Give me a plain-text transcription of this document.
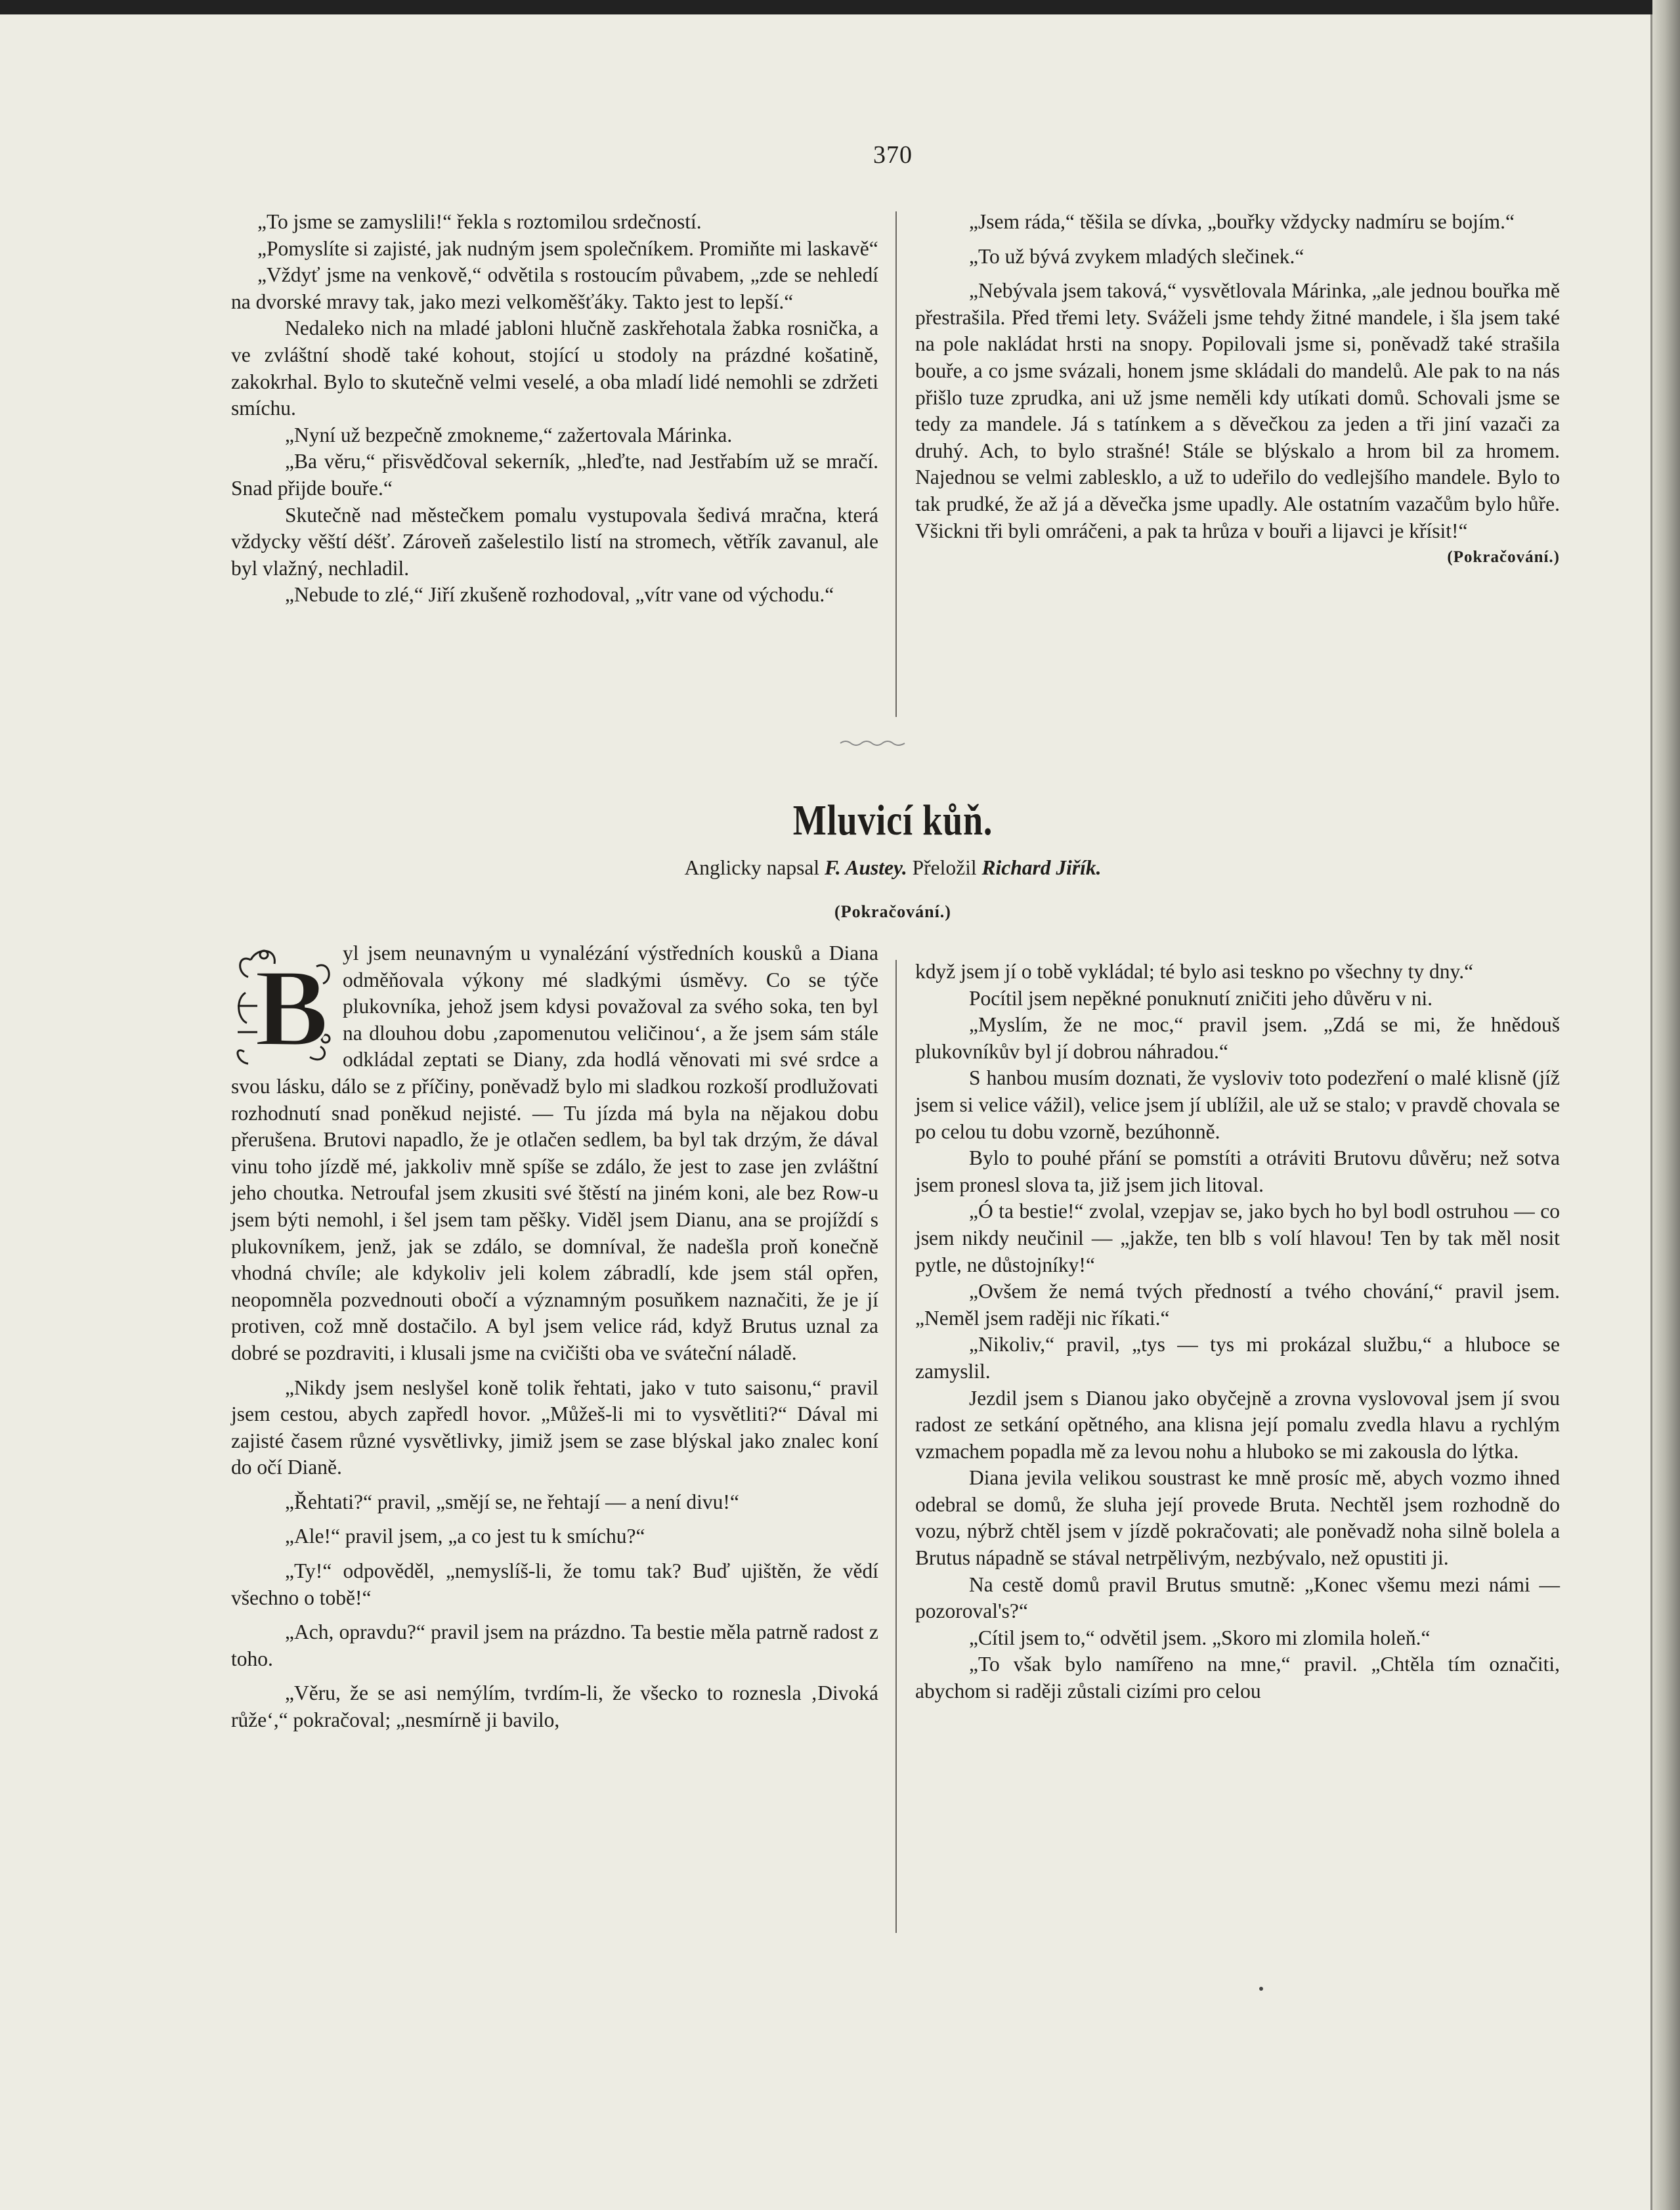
370

„To jsme se zamyslili!“ řekla s roztomilou srdečností.

„Pomyslíte si zajisté, jak nudným jsem společníkem. Promiňte mi laskavě“

„Vždyť jsme na venkově,“ odvětila s rostoucím půvabem, „zde se nehledí na dvorské mravy tak, jako mezi velkoměšťáky. Takto jest to lepší.“

Nedaleko nich na mladé jabloni hlučně zaskřehotala žabka rosnička, a ve zvláštní shodě také kohout, stojící u stodoly na prázdné košatině, zakokrhal. Bylo to skutečně velmi veselé, a oba mladí lidé nemohli se zdržeti smíchu.

„Nyní už bezpečně zmokneme,“ zažertovala Márinka.

„Ba věru,“ přisvědčoval sekerník, „hleďte, nad Jestřabím už se mračí. Snad přijde bouře.“

Skutečně nad městečkem pomalu vystupovala šedivá mračna, která vždycky věští déšť. Zároveň zašelestilo listí na stromech, větřík zavanul, ale byl vlažný, nechladil.

„Nebude to zlé,“ Jiří zkušeně rozhodoval, „vítr vane od východu.“

„Jsem ráda,“ těšila se dívka, „bouřky vždycky nadmíru se bojím.“

„To už bývá zvykem mladých slečinek.“

„Nebývala jsem taková,“ vysvětlovala Márinka, „ale jednou bouřka mě přestrašila. Před třemi lety. Sváželi jsme tehdy žitné mandele, i šla jsem také na pole nakládat hrsti na snopy. Popilovali jsme si, poněvadž také strašila bouře, a co jsme svázali, honem jsme skládali do mandelů. Ale pak to na nás přišlo tuze zprudka, ani už jsme neměli kdy utíkati domů. Schovali jsme se tedy za mandele. Já s tatínkem a s děvečkou za jeden a tři jiní vazači za druhý. Ach, to bylo strašné! Stále se blýskalo a hrom bil za hromem. Najednou se velmi zablesklo, a už to udeřilo do vedlejšího mandele. Bylo to tak prudké, že až já a děvečka jsme upadly. Ale ostatním vazačům bylo hůře. Všickni tři byli omráčeni, a pak ta hrůza v bouři a lijavci je křísit!“
(Pokračování.)

Mluvicí kůň.
Anglicky napsal F. Austey. Přeložil Richard Jiřík.
(Pokračování.)
B yl jsem neunavným u vynalézání výstředních kousků a Diana odměňovala výkony mé sladkými úsměvy. Co se týče plukovníka, jehož jsem kdysi považoval za svého soka, ten byl na dlouhou dobu ‚zapomenutou veličinou‘, a že jsem sám stále odkládal zeptati se Diany, zda hodlá věnovati mi své srdce a svou lásku, dálo se z příčiny, poněvadž bylo mi sladkou rozkoší prodlužovati rozhodnutí snad poněkud nejisté. — Tu jízda má byla na nějakou dobu přerušena. Brutovi napadlo, že je otlačen sedlem, ba byl tak drzým, že dával vinu toho jízdě mé, jakkoliv mně spíše se zdálo, že jest to zase jen zvláštní jeho choutka. Netroufal jsem zkusiti své štěstí na jiném koni, ale bez Row-u jsem býti nemohl, i šel jsem tam pěšky. Viděl jsem Dianu, ana se projíždí s plukovníkem, jenž, jak se zdálo, se domníval, že nadešla proň konečně vhodná chvíle; ale kdykoliv jeli kolem zábradlí, kde jsem stál opřen, neopomněla pozvednouti obočí a významným posuňkem naznačiti, že je jí protiven, což mně dostačilo. A byl jsem velice rád, když Brutus uznal za dobré se pozdraviti, i klusali jsme na cvičišti oba ve sváteční náladě.

„Nikdy jsem neslyšel koně tolik řehtati, jako v tuto saisonu,“ pravil jsem cestou, abych zapředl hovor. „Můžeš-li mi to vysvětliti?“ Dával mi zajisté časem různé vysvětlivky, jimiž jsem se zase blýskal jako znalec koní do očí Dianě.

„Řehtati?“ pravil, „smějí se, ne řehtají — a není divu!“

„Ale!“ pravil jsem, „a co jest tu k smíchu?“

„Ty!“ odpověděl, „nemyslíš-li, že tomu tak? Buď ujištěn, že vědí všechno o tobě!“

„Ach, opravdu?“ pravil jsem na prázdno. Ta bestie měla patrně radost z toho.

„Věru, že se asi nemýlím, tvrdím-li, že všecko to roznesla ‚Divoká růže‘,“ pokračoval; „nesmírně ji bavilo,

když jsem jí o tobě vykládal; té bylo asi teskno po všechny ty dny.“

Pocítil jsem nepěkné ponuknutí zničiti jeho důvěru v ni.

„Myslím, že ne moc,“ pravil jsem. „Zdá se mi, že hnědouš plukovníkův byl jí dobrou náhradou.“

S hanbou musím doznati, že vysloviv toto podezření o malé klisně (jíž jsem si velice vážil), velice jsem jí ublížil, ale už se stalo; v pravdě chovala se po celou tu dobu vzorně, bezúhonně.

Bylo to pouhé přání se pomstíti a otráviti Brutovu důvěru; než sotva jsem pronesl slova ta, již jsem jich litoval.

„Ó ta bestie!“ zvolal, vzepjav se, jako bych ho byl bodl ostruhou — co jsem nikdy neučinil — „jakže, ten blb s volí hlavou! Ten by tak měl nosit pytle, ne důstojníky!“

„Ovšem že nemá tvých předností a tvého chování,“ pravil jsem. „Neměl jsem raději nic říkati.“

„Nikoliv,“ pravil, „tys — tys mi prokázal službu,“ a hluboce se zamyslil.

Jezdil jsem s Dianou jako obyčejně a zrovna vyslovoval jsem jí svou radost ze setkání opětného, ana klisna její pomalu zvedla hlavu a rychlým vzmachem popadla mě za levou nohu a hluboko se mi zakousla do lýtka.

Diana jevila velikou soustrast ke mně prosíc mě, abych vozmo ihned odebral se domů, že sluha její provede Bruta. Nechtěl jsem rozhodně do vozu, nýbrž chtěl jsem v jízdě pokračovati; ale poněvadž noha silně bolela a Brutus nápadně se stával netrpělivým, nezbývalo, než opustiti ji.

Na cestě domů pravil Brutus smutně: „Konec všemu mezi námi — pozoroval's?“

„Cítil jsem to,“ odvětil jsem. „Skoro mi zlomila holeň.“

„To však bylo namířeno na mne,“ pravil. „Chtěla tím označiti, abychom si raději zůstali cizími pro celou
